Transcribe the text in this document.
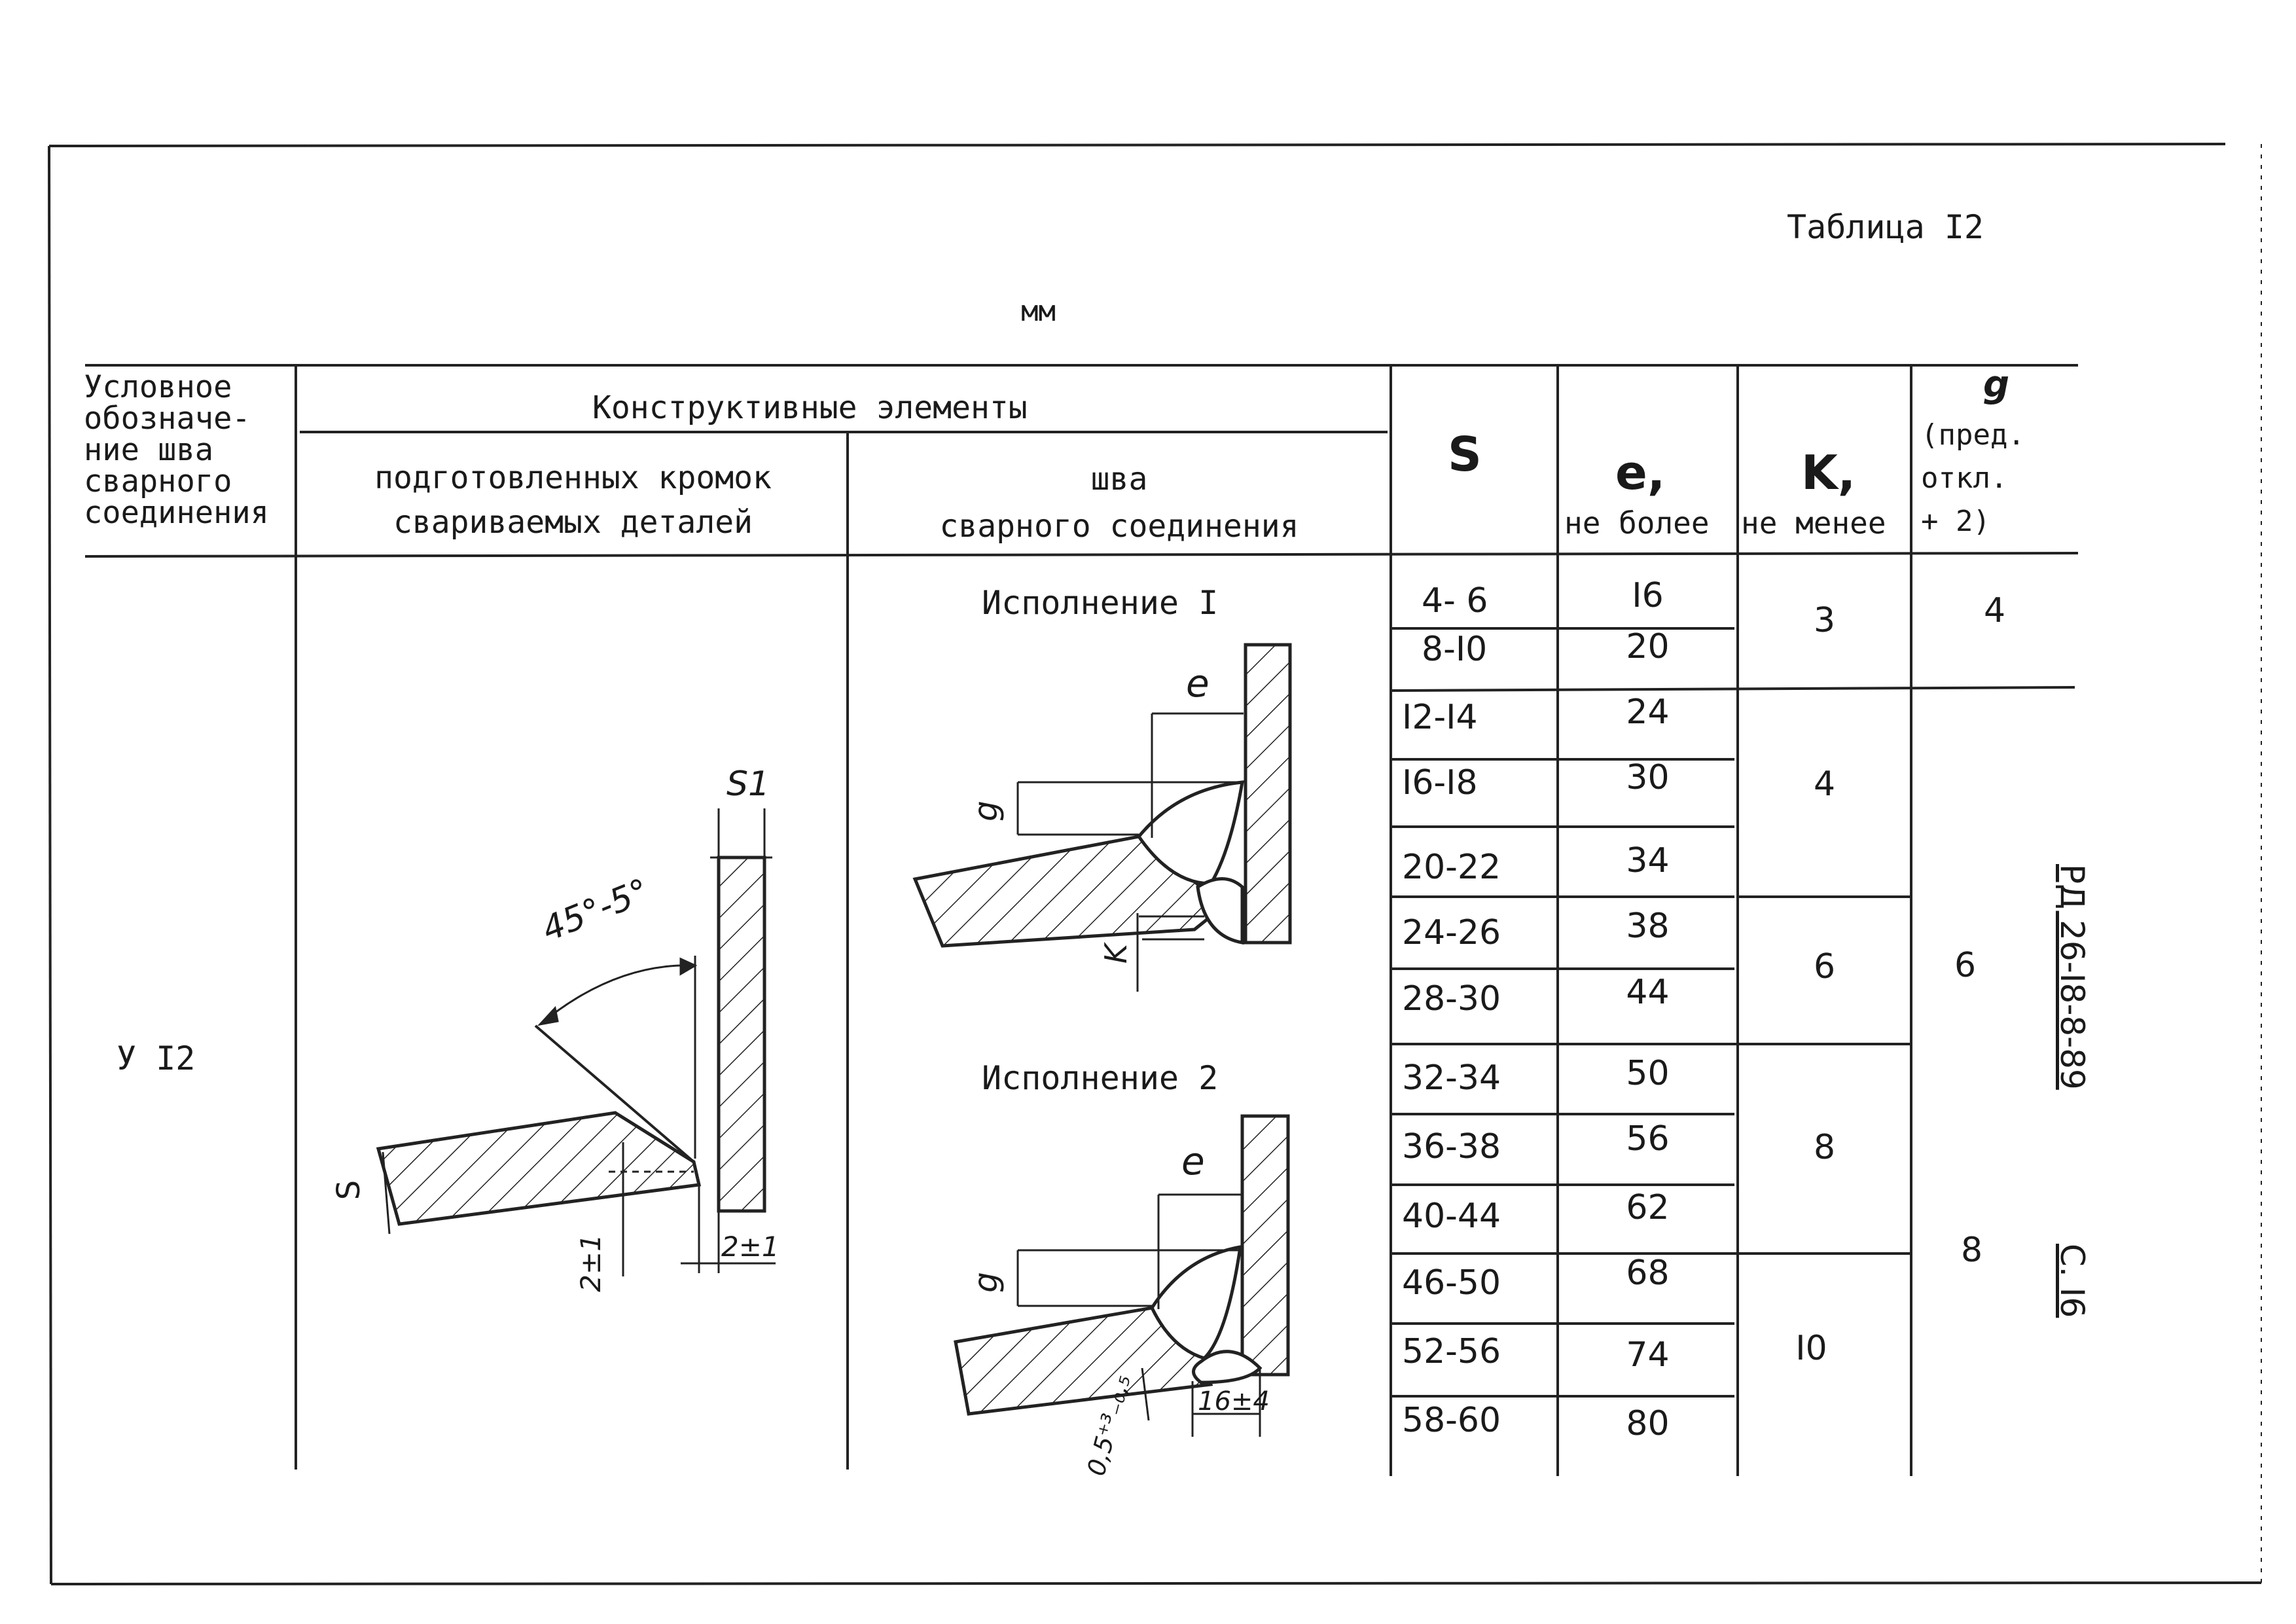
Таблица I2
мм
Условное
обозначе-
ние шва
сварного
соединения
Конструктивные элементы
подготовленных кромок
свариваемых деталей
шва
сварного соединения
S	e,
не более
K,
не менее
g
(пред.
откл.
+ 2)
У I2
Исполнение I
Исполнение 2
S1
45°-5°
S
2±1	2±1
e
g
K
e
g
0,5⁺³₋₀,₅ 16±4
4- 6
8-I0
I2-I4
I6-I8
20-22
24-26
28-30
32-34
36-38
40-44
46-50
52-56
58-60
I6
20
24
30
34
38
44
50
56
62
68
74
80
3
4
6
8
I0
4
6
8
РД 26-I8-8-89
С. I6
